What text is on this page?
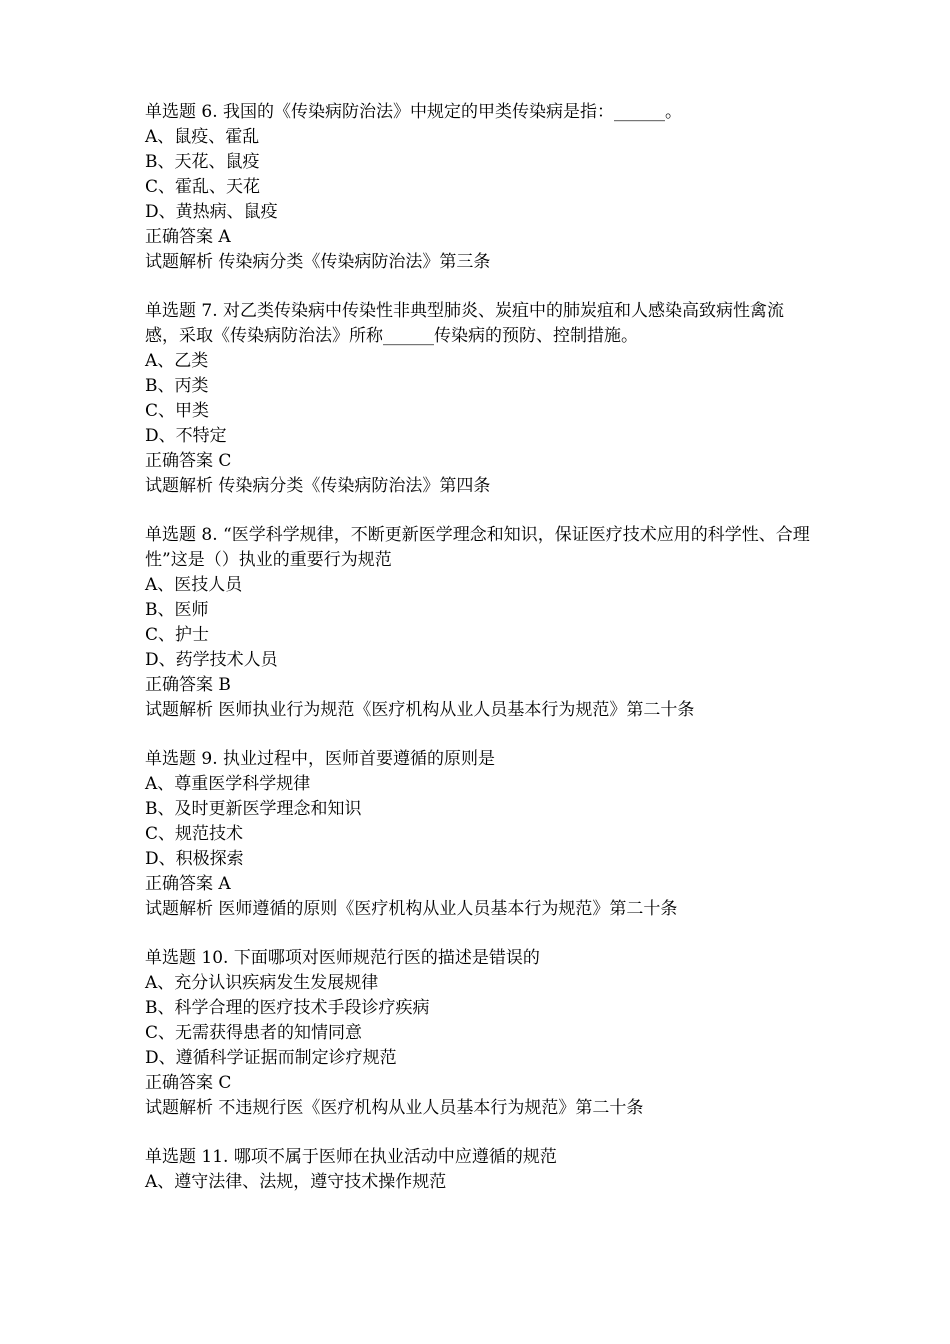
单选题 6. 我国的《传染病防治法》中规定的甲类传染病是指：______。

A、鼠疫、霍乱

B、天花、鼠疫

C、霍乱、天花

D、黄热病、鼠疫

正确答案 A

试题解析 传染病分类《传染病防治法》第三条

单选题 7. 对乙类传染病中传染性非典型肺炎、炭疽中的肺炭疽和人感染高致病性禽流感，采取《传染病防治法》所称______传染病的预防、控制措施。

A、乙类

B、丙类

C、甲类

D、不特定

正确答案 C

试题解析 传染病分类《传染病防治法》第四条

单选题 8. “医学科学规律，不断更新医学理念和知识，保证医疗技术应用的科学性、合理性”这是（）执业的重要行为规范

A、医技人员

B、医师

C、护士

D、药学技术人员

正确答案 B

试题解析 医师执业行为规范《医疗机构从业人员基本行为规范》第二十条

单选题 9. 执业过程中，医师首要遵循的原则是

A、尊重医学科学规律

B、及时更新医学理念和知识

C、规范技术

D、积极探索

正确答案 A

试题解析 医师遵循的原则《医疗机构从业人员基本行为规范》第二十条

单选题 10. 下面哪项对医师规范行医的描述是错误的

A、充分认识疾病发生发展规律

B、科学合理的医疗技术手段诊疗疾病

C、无需获得患者的知情同意

D、遵循科学证据而制定诊疗规范

正确答案 C

试题解析 不违规行医《医疗机构从业人员基本行为规范》第二十条

单选题 11. 哪项不属于医师在执业活动中应遵循的规范

A、遵守法律、法规，遵守技术操作规范
